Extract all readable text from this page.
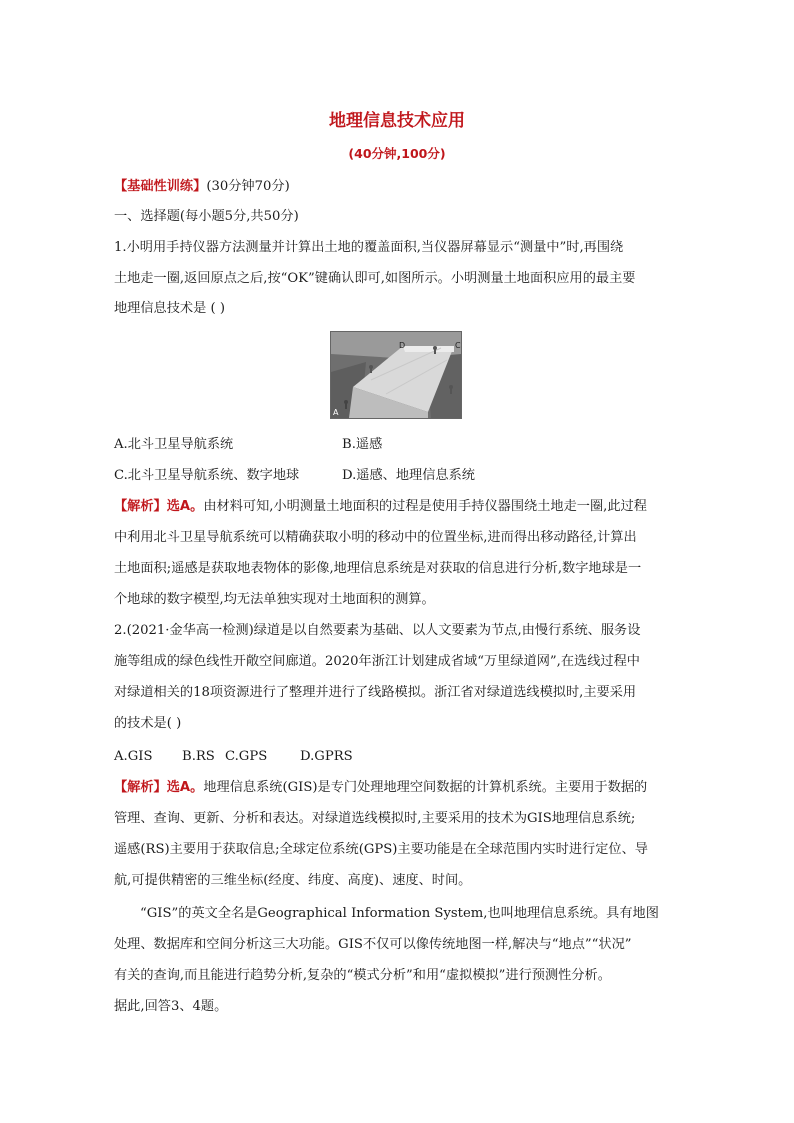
地理信息技术应用
(40分钟,100分)
【基础性训练】(30分钟70分)
一、选择题(每小题5分,共50分)
1.小明用手持仪器方法测量并计算出土地的覆盖面积,当仪器屏幕显示“测量中”时,再围绕
土地走一圈,返回原点之后,按“OK”键确认即可,如图所示。小明测量土地面积应用的最主要
地理信息技术是 ( )
A
D	C
A.北斗卫星导航系统	B.遥感
C.北斗卫星导航系统、数字地球	D.遥感、地理信息系统
【解析】选A。由材料可知,小明测量土地面积的过程是使用手持仪器围绕土地走一圈,此过程
中利用北斗卫星导航系统可以精确获取小明的移动中的位置坐标,进而得出移动路径,计算出
土地面积;遥感是获取地表物体的影像,地理信息系统是对获取的信息进行分析,数字地球是一
个地球的数字模型,均无法单独实现对土地面积的测算。
2.(2021·金华高一检测)绿道是以自然要素为基础、以人文要素为节点,由慢行系统、服务设
施等组成的绿色线性开敞空间廊道。2020年浙江计划建成省域“万里绿道网”,在选线过程中
对绿道相关的18项资源进行了整理并进行了线路模拟。浙江省对绿道选线模拟时,主要采用
的技术是( )
A.GIS B.RS C.GPS D.GPRS
【解析】选A。地理信息系统(GIS)是专门处理地理空间数据的计算机系统。主要用于数据的
管理、查询、更新、分析和表达。对绿道选线模拟时,主要采用的技术为GIS地理信息系统;
遥感(RS)主要用于获取信息;全球定位系统(GPS)主要功能是在全球范围内实时进行定位、导
航,可提供精密的三维坐标(经度、纬度、高度)、速度、时间。
“GIS”的英文全名是Geographical Information System,也叫地理信息系统。具有地图
处理、数据库和空间分析这三大功能。GIS不仅可以像传统地图一样,解决与“地点”“状况”
有关的查询,而且能进行趋势分析,复杂的“模式分析”和用“虚拟模拟”进行预测性分析。
据此,回答3、4题。
